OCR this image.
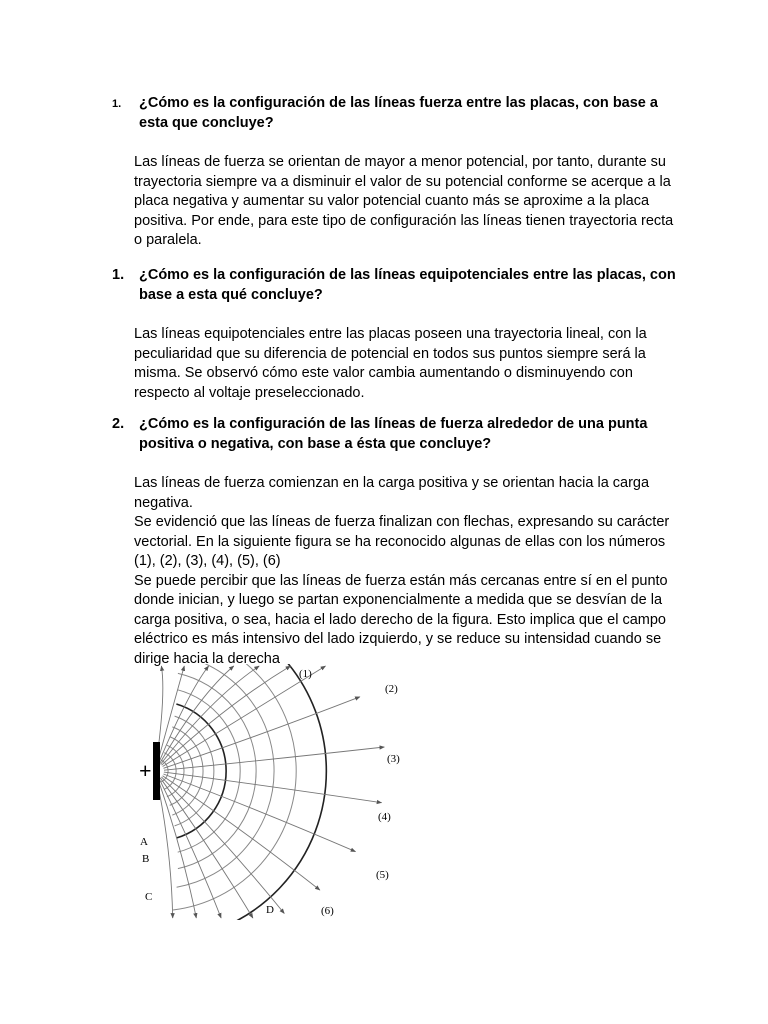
1. ¿Cómo es la configuración de las líneas fuerza entre las placas, con base a esta que concluye?

Las líneas de fuerza se orientan de mayor a menor potencial, por tanto, durante su trayectoria siempre va a disminuir el valor de su potencial conforme se acerque a la placa negativa y aumentar su valor potencial cuanto más se aproxime a la placa positiva. Por ende, para este tipo de configuración las líneas tienen trayectoria recta o paralela.

1. ¿Cómo es la configuración de las líneas equipotenciales entre las placas, con base a esta qué concluye?

Las líneas equipotenciales entre las placas poseen una trayectoria lineal, con la peculiaridad que su diferencia de potencial en todos sus puntos siempre será la misma. Se observó cómo este valor cambia aumentando o disminuyendo con respecto al voltaje preseleccionado.

2. ¿Cómo es la configuración de las líneas de fuerza alrededor de una punta positiva o negativa, con base a ésta que concluye?

Las líneas de fuerza comienzan en la carga positiva y se orientan hacia la carga negativa.

Se evidenció que las líneas de fuerza finalizan con flechas, expresando su carácter vectorial. En la siguiente figura se ha reconocido algunas de ellas con los números (1), (2), (3), (4), (5), (6)

Se puede percibir que las líneas de fuerza están más cercanas entre sí en el punto donde inician, y luego se partan exponencialmente a medida que se desvían de la carga positiva, o sea, hacia el lado derecho de la figura. Esto implica que el campo eléctrico es más intensivo del lado izquierdo, y se reduce su intensidad cuando se dirige hacia la derecha

+
(1)
(2)
(3)
(4)
(5)
(6)
A
B
C
D
